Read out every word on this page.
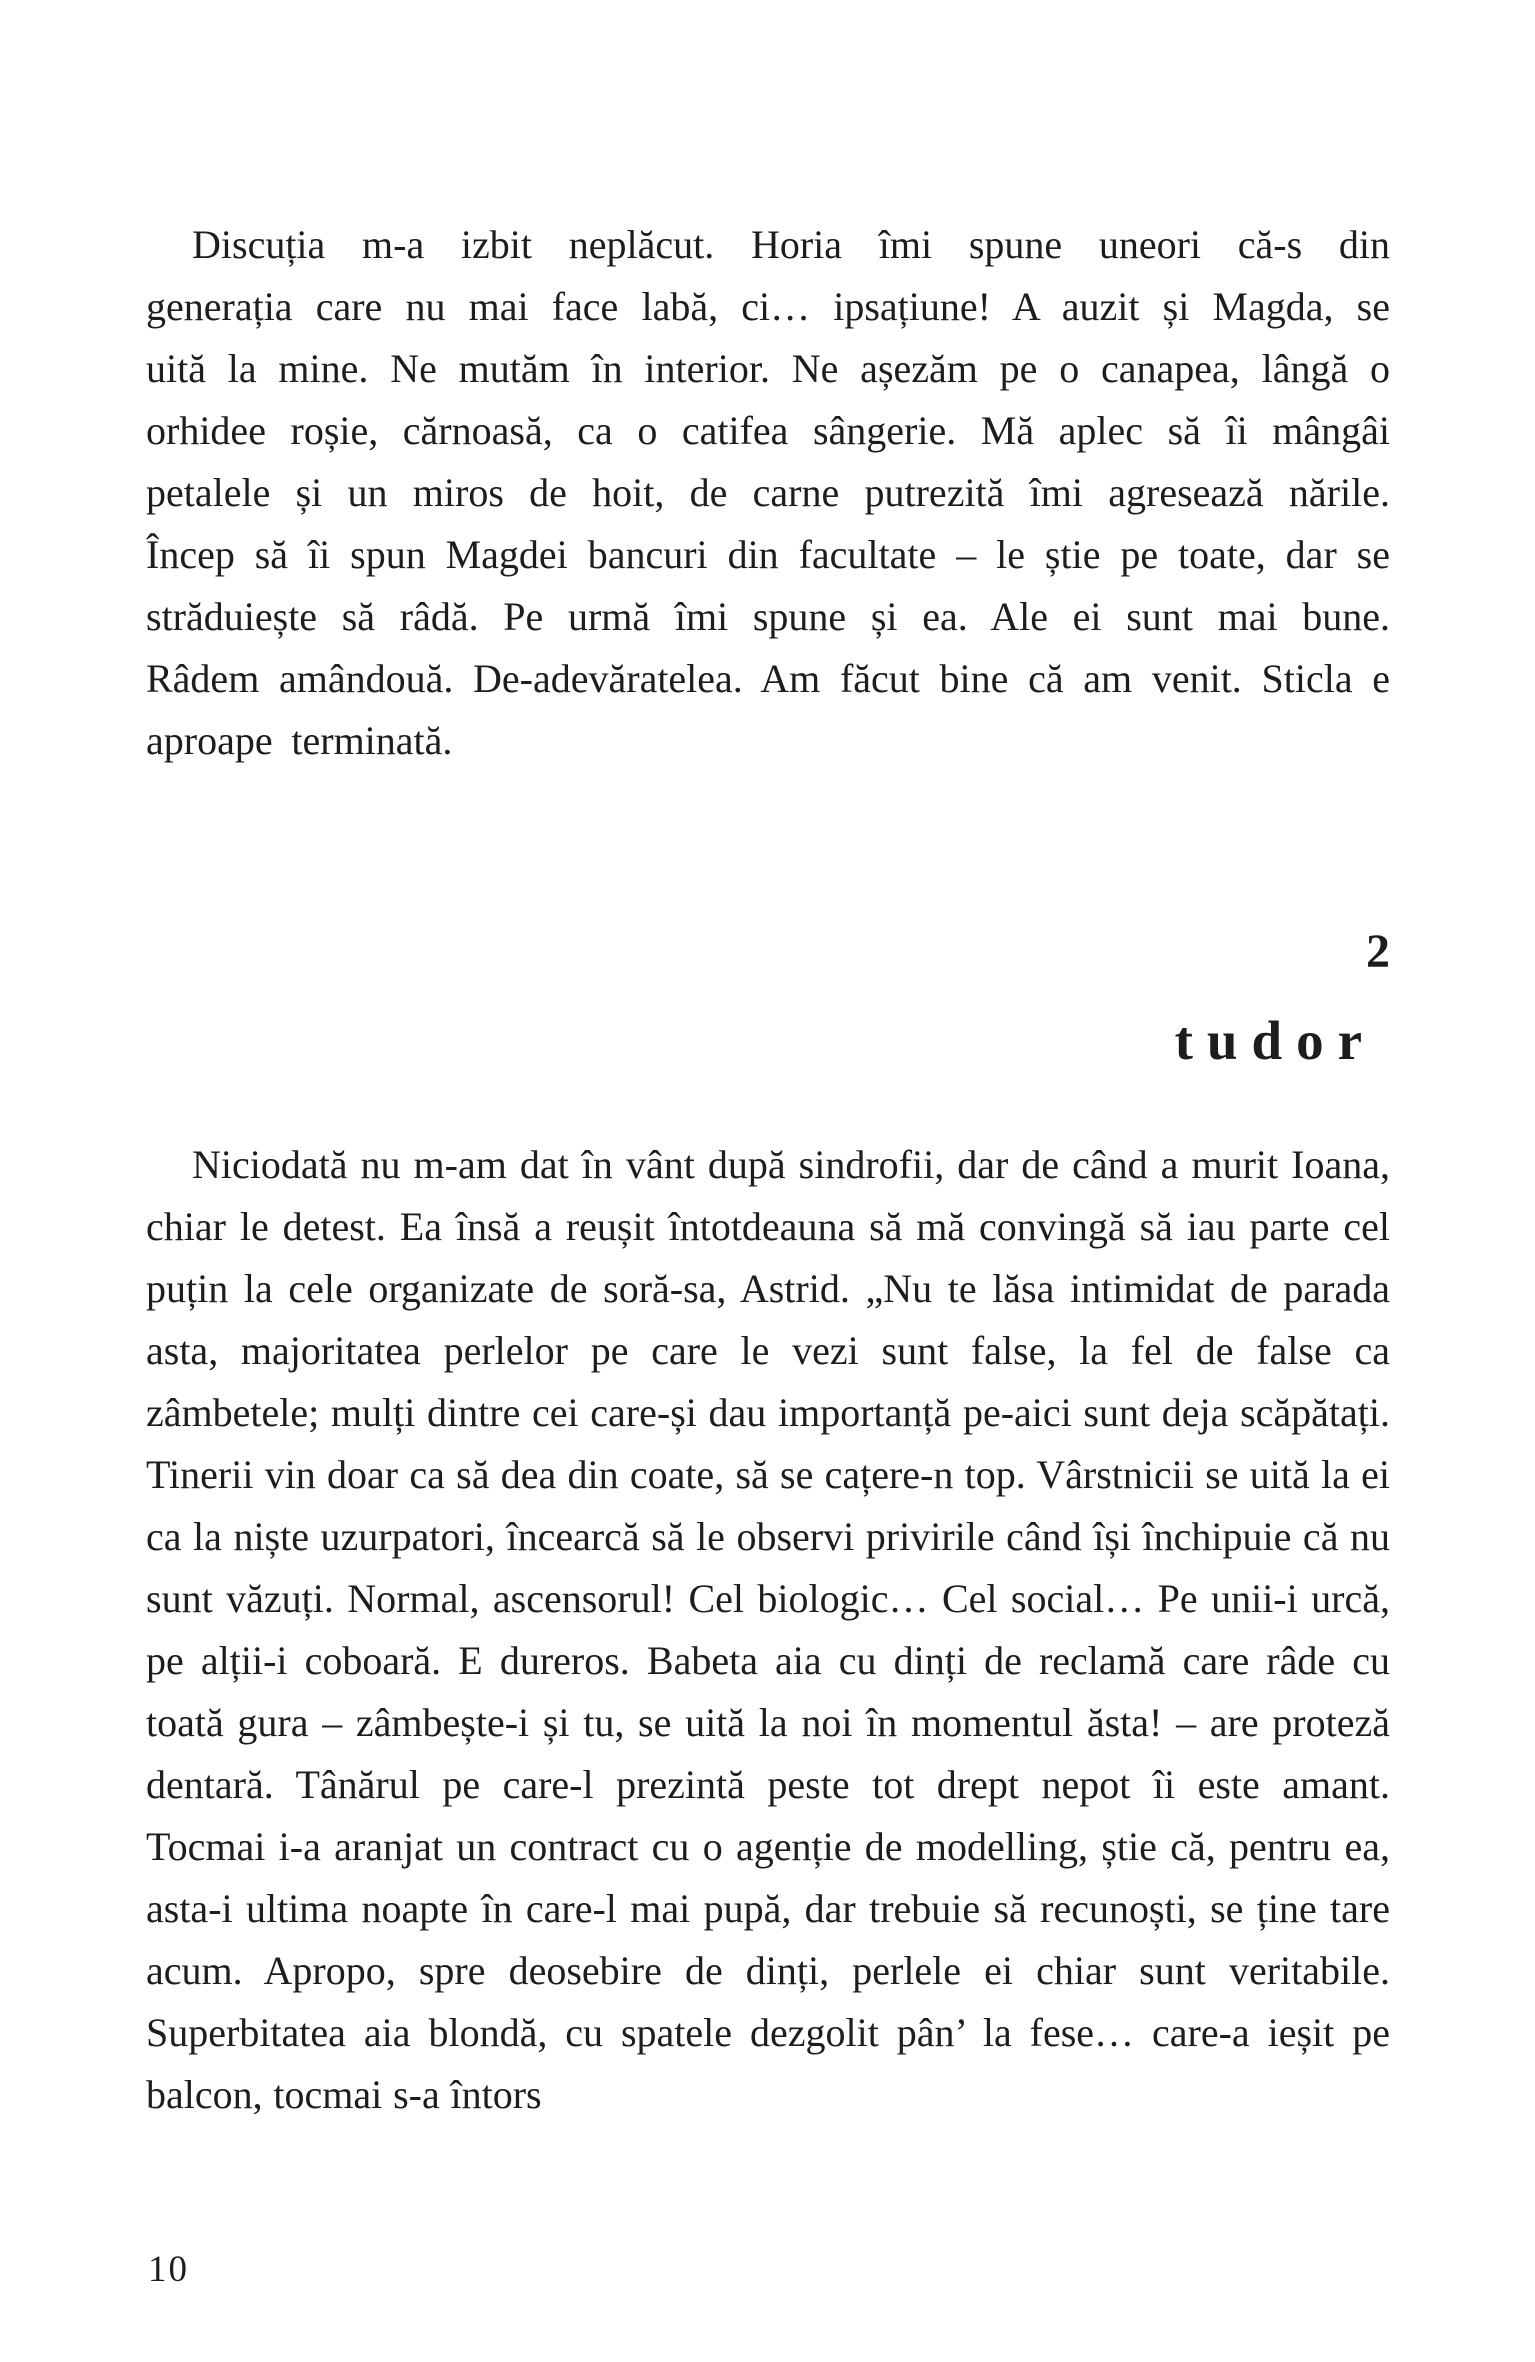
Discuția m-a izbit neplăcut. Horia îmi spune uneori că-s din generația care nu mai face labă, ci… ipsațiune! A auzit și Magda, se uită la mine. Ne mutăm în interior. Ne așezăm pe o canapea, lângă o orhidee roșie, cărnoasă, ca o catifea sângerie. Mă aplec să îi mângâi petalele și un miros de hoit, de carne putrezită îmi agresează nările. Încep să îi spun Magdei bancuri din facultate – le știe pe toate, dar se străduiește să râdă. Pe urmă îmi spune și ea. Ale ei sunt mai bune. Râdem amândouă. De-adevăratelea. Am făcut bine că am venit. Sticla e aproape terminată.

2
tudor

Niciodată nu m-am dat în vânt după sindrofii, dar de când a murit Ioana, chiar le detest. Ea însă a reușit întotdeauna să mă convingă să iau parte cel puțin la cele organizate de soră-sa, Astrid. „Nu te lăsa intimidat de parada asta, majoritatea perlelor pe care le vezi sunt false, la fel de false ca zâmbetele; mulți dintre cei care-și dau importanță pe-aici sunt deja scăpătați. Tinerii vin doar ca să dea din coate, să se cațere-n top. Vârstnicii se uită la ei ca la niște uzurpatori, încearcă să le observi privirile când își închipuie că nu sunt văzuți. Normal, ascensorul! Cel biologic… Cel social… Pe unii-i urcă, pe alții-i coboară. E dureros. Babeta aia cu dinți de reclamă care râde cu toată gura – zâmbește-i și tu, se uită la noi în momentul ăsta! – are proteză dentară. Tânărul pe care-l prezintă peste tot drept nepot îi este amant. Tocmai i-a aranjat un contract cu o agenție de modelling, știe că, pentru ea, asta-i ultima noapte în care-l mai pupă, dar trebuie să recunoști, se ține tare acum. Apropo, spre deosebire de dinți, perlele ei chiar sunt veritabile. Superbitatea aia blondă, cu spatele dezgolit pân’ la fese… care-a ieșit pe balcon, tocmai s-a întors

10
